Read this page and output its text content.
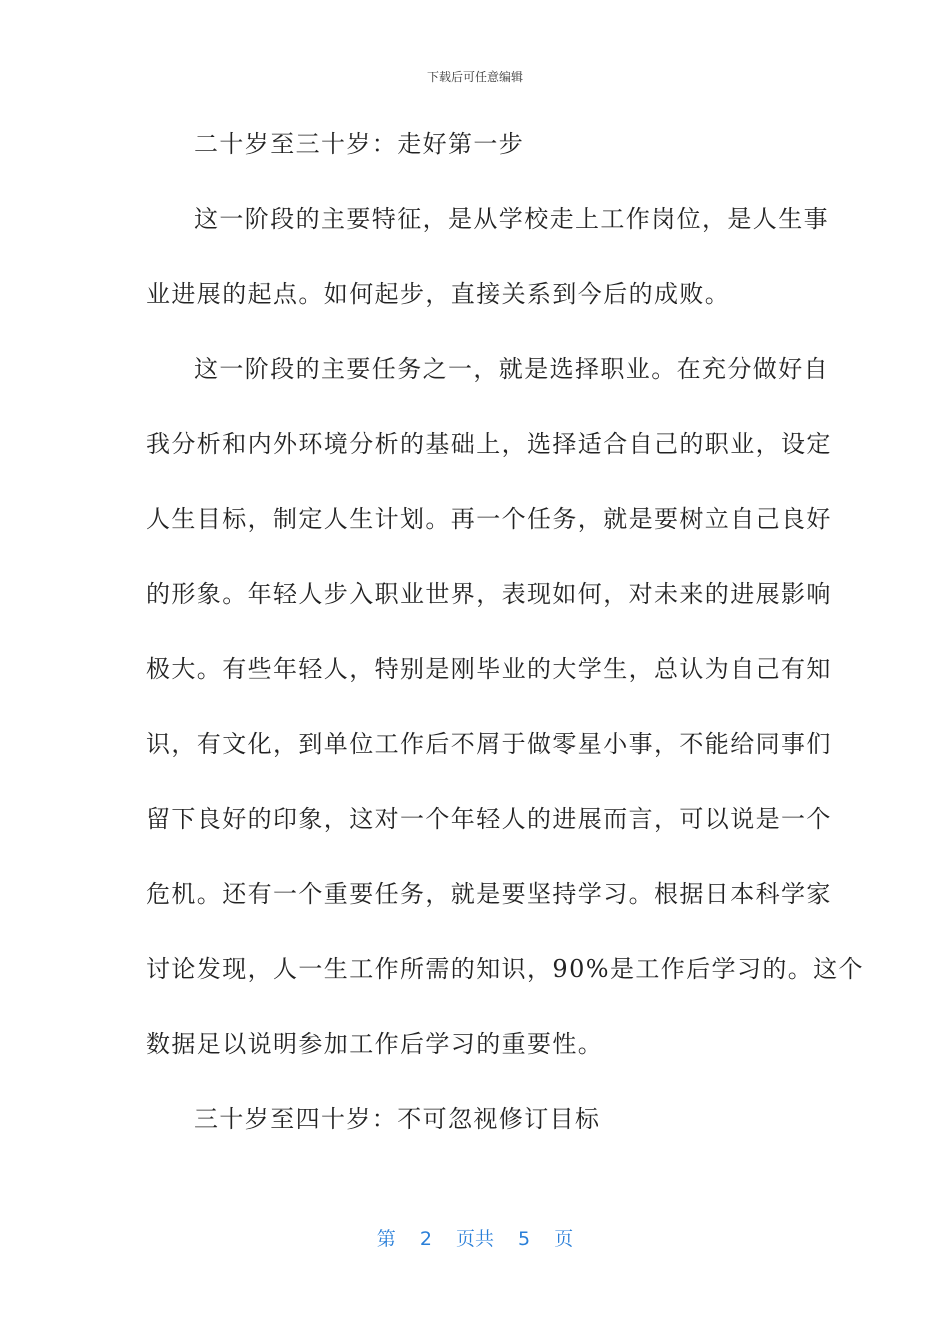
下载后可任意编辑
二十岁至三十岁：走好第一步
这一阶段的主要特征，是从学校走上工作岗位，是人生事
业进展的起点。如何起步，直接关系到今后的成败。
这一阶段的主要任务之一，就是选择职业。在充分做好自
我分析和内外环境分析的基础上，选择适合自己的职业，设定
人生目标，制定人生计划。再一个任务，就是要树立自己良好
的形象。年轻人步入职业世界，表现如何，对未来的进展影响
极大。有些年轻人，特别是刚毕业的大学生，总认为自己有知
识，有文化，到单位工作后不屑于做零星小事，不能给同事们
留下良好的印象，这对一个年轻人的进展而言，可以说是一个
危机。还有一个重要任务，就是要坚持学习。根据日本科学家
讨论发现，人一生工作所需的知识，90%是工作后学习的。这个
数据足以说明参加工作后学习的重要性。
三十岁至四十岁：不可忽视修订目标
第 2 页共 5 页
